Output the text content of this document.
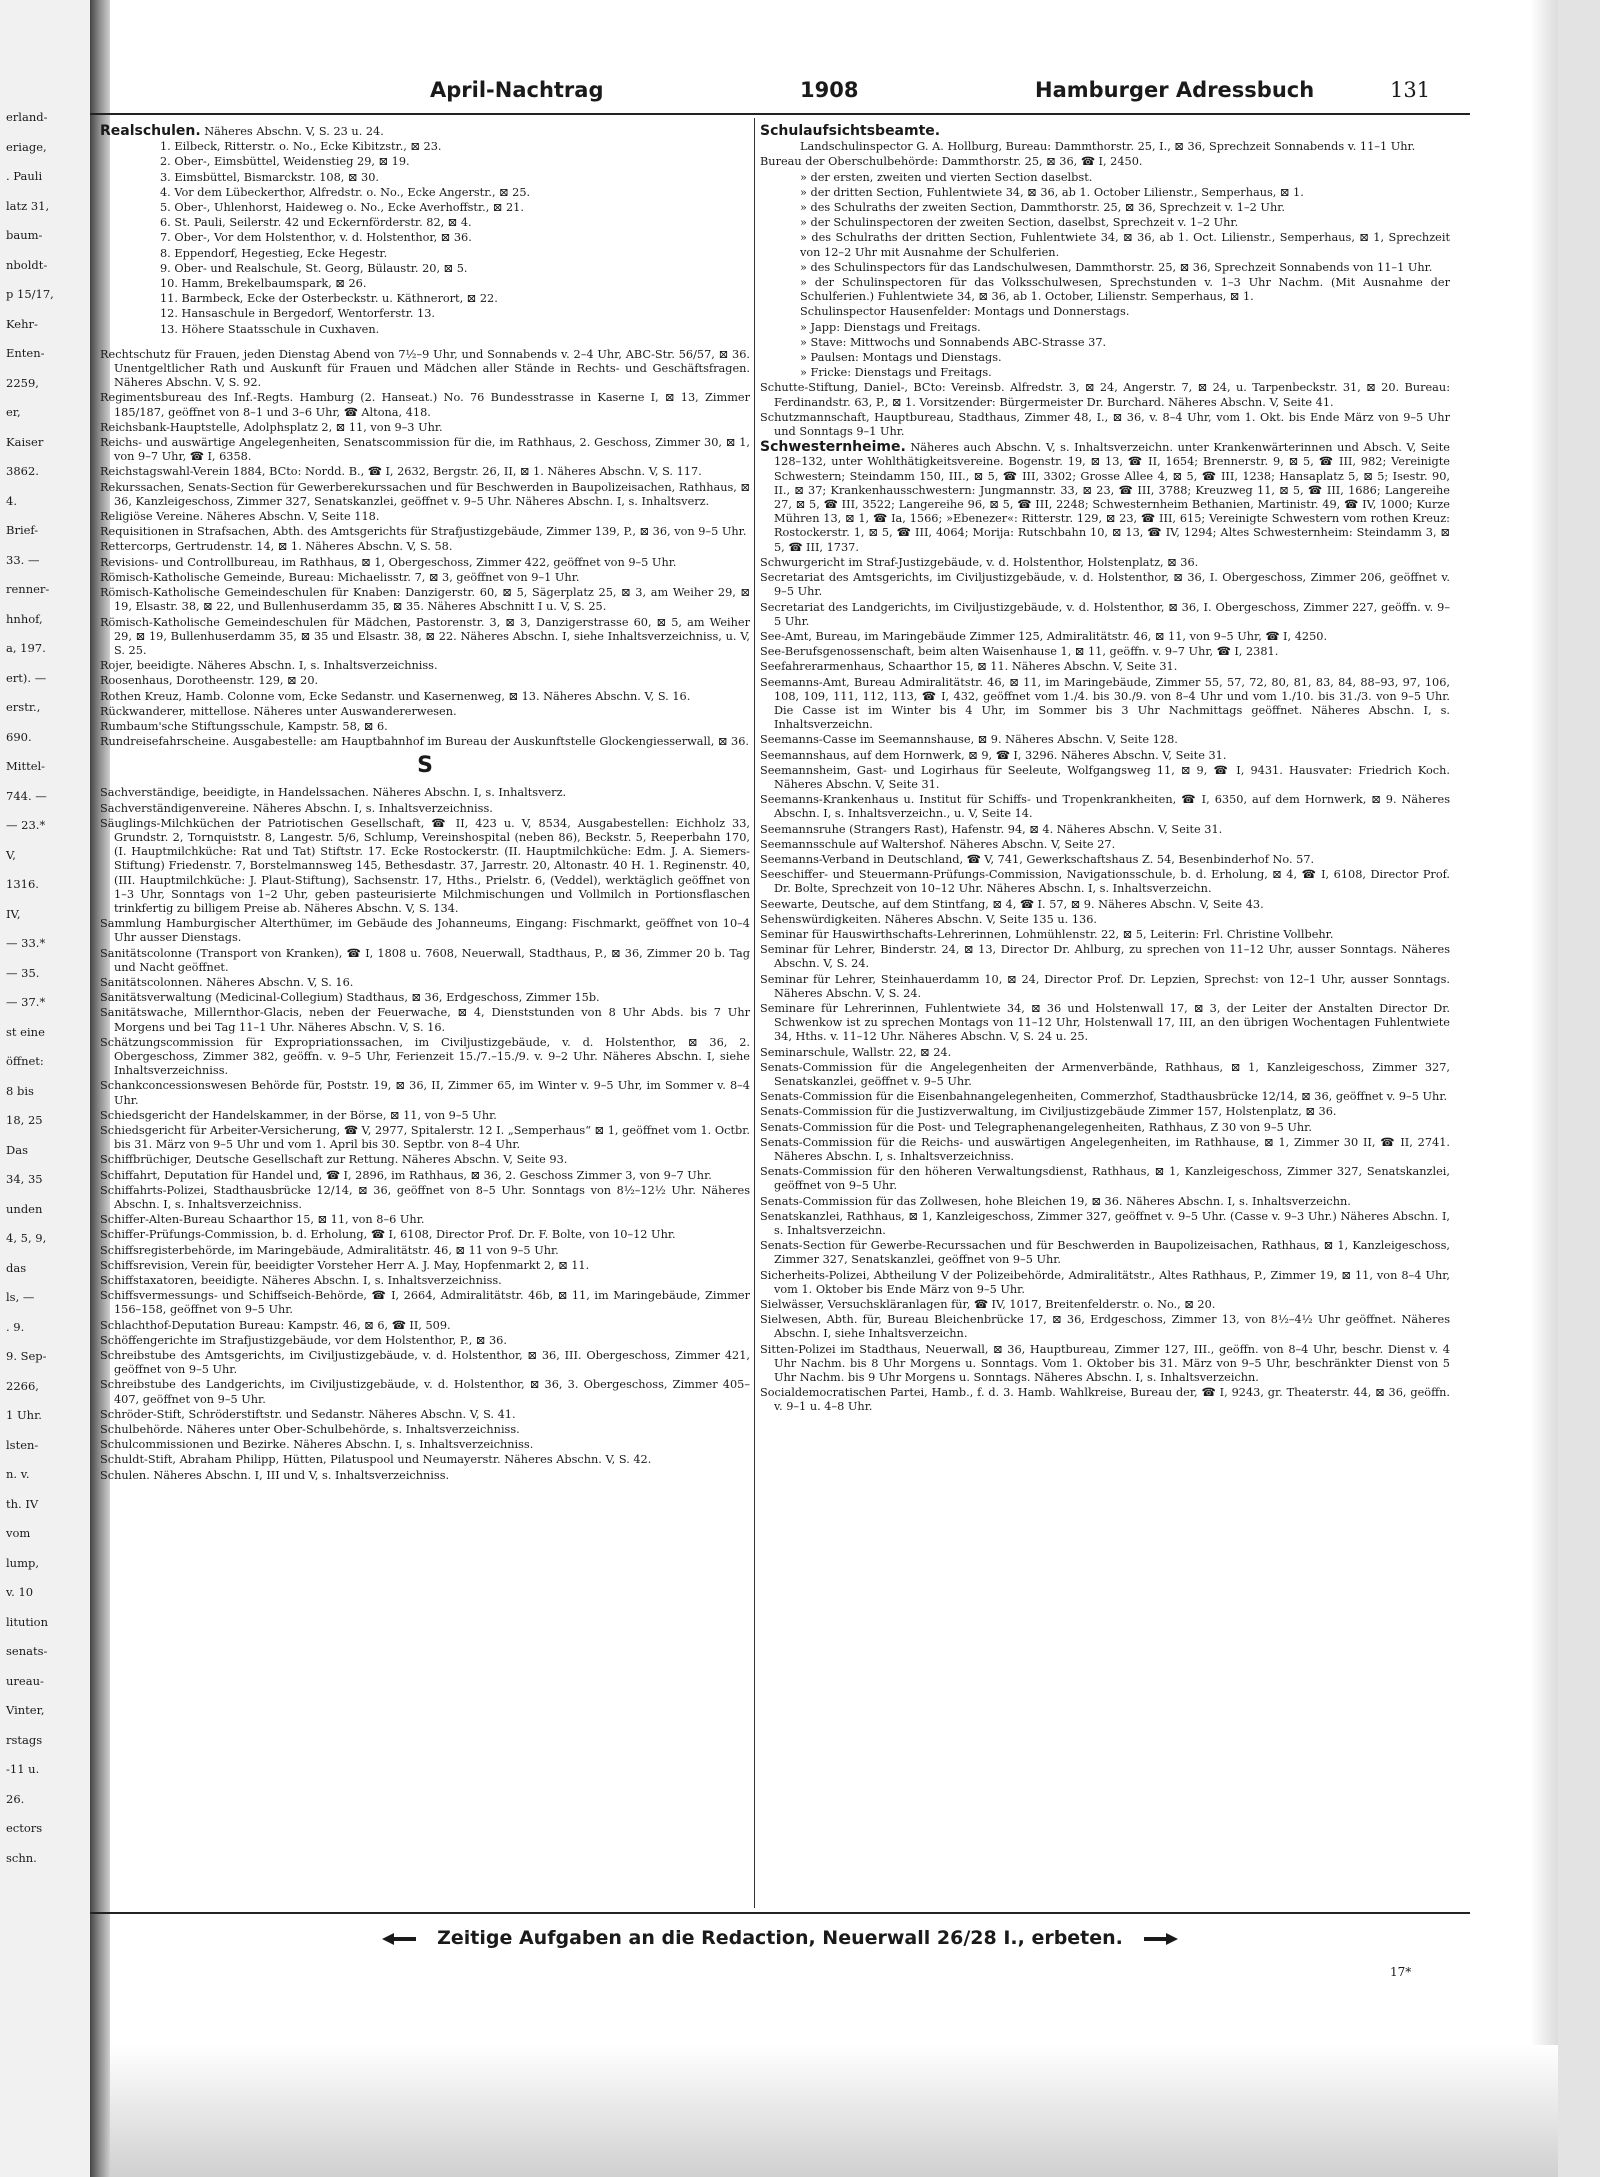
erland-
eriage,
. Pauli
latz 31,
baum-
nboldt-
p 15/17,
Kehr-
Enten-
2259,
er,
Kaiser
3862.
4.
Brief-
33. —
renner-
hnhof,
a, 197.
ert). —
erstr.,
690.
Mittel-
744. —
— 23.*
V,
1316.
IV,
— 33.*
— 35.
— 37.*
st eine
öffnet:
8 bis
18, 25
Das
34, 35
unden
4, 5, 9,
das
ls, —
. 9.
9. Sep-
2266,
1 Uhr.
lsten-
n. v.
th. IV
vom
lump,
v. 10
litution
senats-
ureau-
Vinter,
rstags
-11 u.
26.
ectors
schn.
April-Nachtrag	1908	Hamburger Adressbuch	131
Realschulen. Näheres Abschn. V, S. 23 u. 24.
1. Eilbeck, Ritterstr. o. No., Ecke Kibitzstr., ⊠ 23.
2. Ober-, Eimsbüttel, Weidenstieg 29, ⊠ 19.
3. Eimsbüttel, Bismarckstr. 108, ⊠ 30.
4. Vor dem Lübeckerthor, Alfredstr. o. No., Ecke Angerstr., ⊠ 25.
5. Ober-, Uhlenhorst, Haideweg o. No., Ecke Averhoffstr., ⊠ 21.
6. St. Pauli, Seilerstr. 42 und Eckernförderstr. 82, ⊠ 4.
7. Ober-, Vor dem Holstenthor, v. d. Holstenthor, ⊠ 36.
8. Eppendorf, Hegestieg, Ecke Hegestr.
9. Ober- und Realschule, St. Georg, Bülaustr. 20, ⊠ 5.
10. Hamm, Brekelbaumspark, ⊠ 26.
11. Barmbeck, Ecke der Osterbeckstr. u. Käthnerort, ⊠ 22.
12. Hansaschule in Bergedorf, Wentorferstr. 13.
13. Höhere Staatsschule in Cuxhaven.
Rechtschutz für Frauen, jeden Dienstag Abend von 7½–9 Uhr, und Sonnabends v. 2–4 Uhr, ABC-Str. 56/57, ⊠ 36. Unentgeltlicher Rath und Auskunft für Frauen und Mädchen aller Stände in Rechts- und Geschäftsfragen. Näheres Abschn. V, S. 92.
Regimentsbureau des Inf.-Regts. Hamburg (2. Hanseat.) No. 76 Bundesstrasse in Kaserne I, ⊠ 13, Zimmer 185/187, geöffnet von 8–1 und 3–6 Uhr, ☎ Altona, 418.
Reichsbank-Hauptstelle, Adolphsplatz 2, ⊠ 11, von 9–3 Uhr.
Reichs- und auswärtige Angelegenheiten, Senatscommission für die, im Rathhaus, 2. Geschoss, Zimmer 30, ⊠ 1, von 9–7 Uhr, ☎ I, 6358.
Reichstagswahl-Verein 1884, BCto: Nordd. B., ☎ I, 2632, Bergstr. 26, II, ⊠ 1. Näheres Abschn. V, S. 117.
Rekurssachen, Senats-Section für Gewerberekurssachen und für Beschwerden in Baupolizeisachen, Rathhaus, ⊠ 36, Kanzleigeschoss, Zimmer 327, Senatskanzlei, geöffnet v. 9–5 Uhr. Näheres Abschn. I, s. Inhaltsverz.
Religiöse Vereine. Näheres Abschn. V, Seite 118.
Requisitionen in Strafsachen, Abth. des Amtsgerichts für Strafjustizgebäude, Zimmer 139, P., ⊠ 36, von 9–5 Uhr.
Rettercorps, Gertrudenstr. 14, ⊠ 1. Näheres Abschn. V, S. 58.
Revisions- und Controllbureau, im Rathhaus, ⊠ 1, Obergeschoss, Zimmer 422, geöffnet von 9–5 Uhr.
Römisch-Katholische Gemeinde, Bureau: Michaelisstr. 7, ⊠ 3, geöffnet von 9–1 Uhr.
Römisch-Katholische Gemeindeschulen für Knaben: Danzigerstr. 60, ⊠ 5, Sägerplatz 25, ⊠ 3, am Weiher 29, ⊠ 19, Elsastr. 38, ⊠ 22, und Bullenhuserdamm 35, ⊠ 35. Näheres Abschnitt I u. V, S. 25.
Römisch-Katholische Gemeindeschulen für Mädchen, Pastorenstr. 3, ⊠ 3, Danzigerstrasse 60, ⊠ 5, am Weiher 29, ⊠ 19, Bullenhuserdamm 35, ⊠ 35 und Elsastr. 38, ⊠ 22. Näheres Abschn. I, siehe Inhaltsverzeichniss, u. V, S. 25.
Rojer, beeidigte. Näheres Abschn. I, s. Inhaltsverzeichniss.
Roosenhaus, Dorotheenstr. 129, ⊠ 20.
Rothen Kreuz, Hamb. Colonne vom, Ecke Sedanstr. und Kasernenweg, ⊠ 13. Näheres Abschn. V, S. 16.
Rückwanderer, mittellose. Näheres unter Auswandererwesen.
Rumbaum'sche Stiftungsschule, Kampstr. 58, ⊠ 6.
Rundreisefahrscheine. Ausgabestelle: am Hauptbahnhof im Bureau der Auskunftstelle Glockengiesserwall, ⊠ 36.
S
Sachverständige, beeidigte, in Handelssachen. Näheres Abschn. I, s. Inhaltsverz.
Sachverständigenvereine. Näheres Abschn. I, s. Inhaltsverzeichniss.
Säuglings-Milchküchen der Patriotischen Gesellschaft, ☎ II, 423 u. V, 8534, Ausgabestellen: Eichholz 33, Grundstr. 2, Tornquiststr. 8, Langestr. 5/6, Schlump, Vereinshospital (neben 86), Beckstr. 5, Reeperbahn 170, (I. Hauptmilchküche: Rat und Tat) Stiftstr. 17. Ecke Rostockerstr. (II. Hauptmilchküche: Edm. J. A. Siemers-Stiftung) Friedenstr. 7, Borstelmannsweg 145, Bethesdastr. 37, Jarrestr. 20, Altonastr. 40 H. 1. Reginenstr. 40, (III. Hauptmilchküche: J. Plaut-Stiftung), Sachsenstr. 17, Hths., Prielstr. 6, (Veddel), werktäglich geöffnet von 1–3 Uhr, Sonntags von 1–2 Uhr, geben pasteurisierte Milchmischungen und Vollmilch in Portionsflaschen trinkfertig zu billigem Preise ab. Näheres Abschn. V, S. 134.
Sammlung Hamburgischer Alterthümer, im Gebäude des Johanneums, Eingang: Fischmarkt, geöffnet von 10–4 Uhr ausser Dienstags.
Sanitätscolonne (Transport von Kranken), ☎ I, 1808 u. 7608, Neuerwall, Stadthaus, P., ⊠ 36, Zimmer 20 b. Tag und Nacht geöffnet.
Sanitätscolonnen. Näheres Abschn. V, S. 16.
Sanitätsverwaltung (Medicinal-Collegium) Stadthaus, ⊠ 36, Erdgeschoss, Zimmer 15b.
Sanitätswache, Millernthor-Glacis, neben der Feuerwache, ⊠ 4, Dienststunden von 8 Uhr Abds. bis 7 Uhr Morgens und bei Tag 11–1 Uhr. Näheres Abschn. V, S. 16.
Schätzungscommission für Expropriationssachen, im Civiljustizgebäude, v. d. Holstenthor, ⊠ 36, 2. Obergeschoss, Zimmer 382, geöffn. v. 9–5 Uhr, Ferienzeit 15./7.–15./9. v. 9–2 Uhr. Näheres Abschn. I, siehe Inhaltsverzeichniss.
Schankconcessionswesen Behörde für, Poststr. 19, ⊠ 36, II, Zimmer 65, im Winter v. 9–5 Uhr, im Sommer v. 8–4 Uhr.
Schiedsgericht der Handelskammer, in der Börse, ⊠ 11, von 9–5 Uhr.
Schiedsgericht für Arbeiter-Versicherung, ☎ V, 2977, Spitalerstr. 12 I. „Semperhaus“ ⊠ 1, geöffnet vom 1. Octbr. bis 31. März von 9–5 Uhr und vom 1. April bis 30. Septbr. von 8–4 Uhr.
Schiffbrüchiger, Deutsche Gesellschaft zur Rettung. Näheres Abschn. V, Seite 93.
Schiffahrt, Deputation für Handel und, ☎ I, 2896, im Rathhaus, ⊠ 36, 2. Geschoss Zimmer 3, von 9–7 Uhr.
Schiffahrts-Polizei, Stadthausbrücke 12/14, ⊠ 36, geöffnet von 8–5 Uhr. Sonntags von 8½–12½ Uhr. Näheres Abschn. I, s. Inhaltsverzeichniss.
Schiffer-Alten-Bureau Schaarthor 15, ⊠ 11, von 8–6 Uhr.
Schiffer-Prüfungs-Commission, b. d. Erholung, ☎ I, 6108, Director Prof. Dr. F. Bolte, von 10–12 Uhr.
Schiffsregisterbehörde, im Maringebäude, Admiralitätstr. 46, ⊠ 11 von 9–5 Uhr.
Schiffsrevision, Verein für, beeidigter Vorsteher Herr A. J. May, Hopfenmarkt 2, ⊠ 11.
Schiffstaxatoren, beeidigte. Näheres Abschn. I, s. Inhaltsverzeichniss.
Schiffsvermessungs- und Schiffseich-Behörde, ☎ I, 2664, Admiralitätstr. 46b, ⊠ 11, im Maringebäude, Zimmer 156–158, geöffnet von 9–5 Uhr.
Schlachthof-Deputation Bureau: Kampstr. 46, ⊠ 6, ☎ II, 509.
Schöffengerichte im Strafjustizgebäude, vor dem Holstenthor, P., ⊠ 36.
Schreibstube des Amtsgerichts, im Civiljustizgebäude, v. d. Holstenthor, ⊠ 36, III. Obergeschoss, Zimmer 421, geöffnet von 9–5 Uhr.
Schreibstube des Landgerichts, im Civiljustizgebäude, v. d. Holstenthor, ⊠ 36, 3. Obergeschoss, Zimmer 405–407, geöffnet von 9–5 Uhr.
Schröder-Stift, Schröderstiftstr. und Sedanstr. Näheres Abschn. V, S. 41.
Schulbehörde. Näheres unter Ober-Schulbehörde, s. Inhaltsverzeichniss.
Schulcommissionen und Bezirke. Näheres Abschn. I, s. Inhaltsverzeichniss.
Schuldt-Stift, Abraham Philipp, Hütten, Pilatuspool und Neumayerstr. Näheres Abschn. V, S. 42.
Schulen. Näheres Abschn. I, III und V, s. Inhaltsverzeichniss.
Schulaufsichtsbeamte.
Landschulinspector G. A. Hollburg, Bureau: Dammthorstr. 25, I., ⊠ 36, Sprechzeit Sonnabends v. 11–1 Uhr.
Bureau der Oberschulbehörde: Dammthorstr. 25, ⊠ 36, ☎ I, 2450.
» der ersten, zweiten und vierten Section daselbst.
» der dritten Section, Fuhlentwiete 34, ⊠ 36, ab 1. October Lilienstr., Semperhaus, ⊠ 1.
» des Schulraths der zweiten Section, Dammthorstr. 25, ⊠ 36, Sprechzeit v. 1–2 Uhr.
» der Schulinspectoren der zweiten Section, daselbst, Sprechzeit v. 1–2 Uhr.
» des Schulraths der dritten Section, Fuhlentwiete 34, ⊠ 36, ab 1. Oct. Lilienstr., Semperhaus, ⊠ 1, Sprechzeit von 12–2 Uhr mit Ausnahme der Schulferien.
» des Schulinspectors für das Landschulwesen, Dammthorstr. 25, ⊠ 36, Sprechzeit Sonnabends von 11–1 Uhr.
» der Schulinspectoren für das Volksschulwesen, Sprechstunden v. 1–3 Uhr Nachm. (Mit Ausnahme der Schulferien.) Fuhlentwiete 34, ⊠ 36, ab 1. October, Lilienstr. Semperhaus, ⊠ 1.
Schulinspector Hausenfelder: Montags und Donnerstags.
» Japp: Dienstags und Freitags.
» Stave: Mittwochs und Sonnabends ABC-Strasse 37.
» Paulsen: Montags und Dienstags.
» Fricke: Dienstags und Freitags.
Schutte-Stiftung, Daniel-, BCto: Vereinsb. Alfredstr. 3, ⊠ 24, Angerstr. 7, ⊠ 24, u. Tarpenbeckstr. 31, ⊠ 20. Bureau: Ferdinandstr. 63, P., ⊠ 1. Vorsitzender: Bürgermeister Dr. Burchard. Näheres Abschn. V, Seite 41.
Schutzmannschaft, Hauptbureau, Stadthaus, Zimmer 48, I., ⊠ 36, v. 8–4 Uhr, vom 1. Okt. bis Ende März von 9–5 Uhr und Sonntags 9–1 Uhr.
Schwesternheime. Näheres auch Abschn. V, s. Inhaltsverzeichn. unter Krankenwärterinnen und Absch. V, Seite 128–132, unter Wohlthätigkeitsvereine. Bogenstr. 19, ⊠ 13, ☎ II, 1654; Brennerstr. 9, ⊠ 5, ☎ III, 982; Vereinigte Schwestern; Steindamm 150, III., ⊠ 5, ☎ III, 3302; Grosse Allee 4, ⊠ 5, ☎ III, 1238; Hansaplatz 5, ⊠ 5; Isestr. 90, II., ⊠ 37; Krankenhausschwestern: Jungmannstr. 33, ⊠ 23, ☎ III, 3788; Kreuzweg 11, ⊠ 5, ☎ III, 1686; Langereihe 27, ⊠ 5, ☎ III, 3522; Langereihe 96, ⊠ 5, ☎ III, 2248; Schwesternheim Bethanien, Martinistr. 49, ☎ IV, 1000; Kurze Mühren 13, ⊠ 1, ☎ Ia, 1566; »Ebenezer«: Ritterstr. 129, ⊠ 23, ☎ III, 615; Vereinigte Schwestern vom rothen Kreuz: Rostockerstr. 1, ⊠ 5, ☎ III, 4064; Morija: Rutschbahn 10, ⊠ 13, ☎ IV, 1294; Altes Schwesternheim: Steindamm 3, ⊠ 5, ☎ III, 1737.
Schwurgericht im Straf-Justizgebäude, v. d. Holstenthor, Holstenplatz, ⊠ 36.
Secretariat des Amtsgerichts, im Civiljustizgebäude, v. d. Holstenthor, ⊠ 36, I. Obergeschoss, Zimmer 206, geöffnet v. 9–5 Uhr.
Secretariat des Landgerichts, im Civiljustizgebäude, v. d. Holstenthor, ⊠ 36, I. Obergeschoss, Zimmer 227, geöffn. v. 9–5 Uhr.
See-Amt, Bureau, im Maringebäude Zimmer 125, Admiralitätstr. 46, ⊠ 11, von 9–5 Uhr, ☎ I, 4250.
See-Berufsgenossenschaft, beim alten Waisenhause 1, ⊠ 11, geöffn. v. 9–7 Uhr, ☎ I, 2381.
Seefahrerarmenhaus, Schaarthor 15, ⊠ 11. Näheres Abschn. V, Seite 31.
Seemanns-Amt, Bureau Admiralitätstr. 46, ⊠ 11, im Maringebäude, Zimmer 55, 57, 72, 80, 81, 83, 84, 88–93, 97, 106, 108, 109, 111, 112, 113, ☎ I, 432, geöffnet vom 1./4. bis 30./9. von 8–4 Uhr und vom 1./10. bis 31./3. von 9–5 Uhr. Die Casse ist im Winter bis 4 Uhr, im Sommer bis 3 Uhr Nachmittags geöffnet. Näheres Abschn. I, s. Inhaltsverzeichn.
Seemanns-Casse im Seemannshause, ⊠ 9. Näheres Abschn. V, Seite 128.
Seemannshaus, auf dem Hornwerk, ⊠ 9, ☎ I, 3296. Näheres Abschn. V, Seite 31.
Seemannsheim, Gast- und Logirhaus für Seeleute, Wolfgangsweg 11, ⊠ 9, ☎ I, 9431. Hausvater: Friedrich Koch. Näheres Abschn. V, Seite 31.
Seemanns-Krankenhaus u. Institut für Schiffs- und Tropenkrankheiten, ☎ I, 6350, auf dem Hornwerk, ⊠ 9. Näheres Abschn. I, s. Inhaltsverzeichn., u. V, Seite 14.
Seemannsruhe (Strangers Rast), Hafenstr. 94, ⊠ 4. Näheres Abschn. V, Seite 31.
Seemannsschule auf Waltershof. Näheres Abschn. V, Seite 27.
Seemanns-Verband in Deutschland, ☎ V, 741, Gewerkschaftshaus Z. 54, Besenbinderhof No. 57.
Seeschiffer- und Steuermann-Prüfungs-Commission, Navigationsschule, b. d. Erholung, ⊠ 4, ☎ I, 6108, Director Prof. Dr. Bolte, Sprechzeit von 10–12 Uhr. Näheres Abschn. I, s. Inhaltsverzeichn.
Seewarte, Deutsche, auf dem Stintfang, ⊠ 4, ☎ I. 57, ⊠ 9. Näheres Abschn. V, Seite 43.
Sehenswürdigkeiten. Näheres Abschn. V, Seite 135 u. 136.
Seminar für Hauswirthschafts-Lehrerinnen, Lohmühlenstr. 22, ⊠ 5, Leiterin: Frl. Christine Vollbehr.
Seminar für Lehrer, Binderstr. 24, ⊠ 13, Director Dr. Ahlburg, zu sprechen von 11–12 Uhr, ausser Sonntags. Näheres Abschn. V, S. 24.
Seminar für Lehrer, Steinhauerdamm 10, ⊠ 24, Director Prof. Dr. Lepzien, Sprechst: von 12–1 Uhr, ausser Sonntags. Näheres Abschn. V, S. 24.
Seminare für Lehrerinnen, Fuhlentwiete 34, ⊠ 36 und Holstenwall 17, ⊠ 3, der Leiter der Anstalten Director Dr. Schwenkow ist zu sprechen Montags von 11–12 Uhr, Holstenwall 17, III, an den übrigen Wochentagen Fuhlentwiete 34, Hths. v. 11–12 Uhr. Näheres Abschn. V, S. 24 u. 25.
Seminarschule, Wallstr. 22, ⊠ 24.
Senats-Commission für die Angelegenheiten der Armenverbände, Rathhaus, ⊠ 1, Kanzleigeschoss, Zimmer 327, Senatskanzlei, geöffnet v. 9–5 Uhr.
Senats-Commission für die Eisenbahnangelegenheiten, Commerzhof, Stadthausbrücke 12/14, ⊠ 36, geöffnet v. 9–5 Uhr.
Senats-Commission für die Justizverwaltung, im Civiljustizgebäude Zimmer 157, Holstenplatz, ⊠ 36.
Senats-Commission für die Post- und Telegraphenangelegenheiten, Rathhaus, Z 30 von 9–5 Uhr.
Senats-Commission für die Reichs- und auswärtigen Angelegenheiten, im Rathhause, ⊠ 1, Zimmer 30 II, ☎ II, 2741. Näheres Abschn. I, s. Inhaltsverzeichniss.
Senats-Commission für den höheren Verwaltungsdienst, Rathhaus, ⊠ 1, Kanzleigeschoss, Zimmer 327, Senatskanzlei, geöffnet von 9–5 Uhr.
Senats-Commission für das Zollwesen, hohe Bleichen 19, ⊠ 36. Näheres Abschn. I, s. Inhaltsverzeichn.
Senatskanzlei, Rathhaus, ⊠ 1, Kanzleigeschoss, Zimmer 327, geöffnet v. 9–5 Uhr. (Casse v. 9–3 Uhr.) Näheres Abschn. I, s. Inhaltsverzeichn.
Senats-Section für Gewerbe-Recurssachen und für Beschwerden in Baupolizeisachen, Rathhaus, ⊠ 1, Kanzleigeschoss, Zimmer 327, Senatskanzlei, geöffnet von 9–5 Uhr.
Sicherheits-Polizei, Abtheilung V der Polizeibehörde, Admiralitätstr., Altes Rathhaus, P., Zimmer 19, ⊠ 11, von 8–4 Uhr, vom 1. Oktober bis Ende März von 9–5 Uhr.
Sielwässer, Versuchskläranlagen für, ☎ IV, 1017, Breitenfelderstr. o. No., ⊠ 20.
Sielwesen, Abth. für, Bureau Bleichenbrücke 17, ⊠ 36, Erdgeschoss, Zimmer 13, von 8½–4½ Uhr geöffnet. Näheres Abschn. I, siehe Inhaltsverzeichn.
Sitten-Polizei im Stadthaus, Neuerwall, ⊠ 36, Hauptbureau, Zimmer 127, III., geöffn. von 8–4 Uhr, beschr. Dienst v. 4 Uhr Nachm. bis 8 Uhr Morgens u. Sonntags. Vom 1. Oktober bis 31. März von 9–5 Uhr, beschränkter Dienst von 5 Uhr Nachm. bis 9 Uhr Morgens u. Sonntags. Näheres Abschn. I, s. Inhaltsverzeichn.
Socialdemocratischen Partei, Hamb., f. d. 3. Hamb. Wahlkreise, Bureau der, ☎ I, 9243, gr. Theaterstr. 44, ⊠ 36, geöffn. v. 9–1 u. 4–8 Uhr.
Zeitige Aufgaben an die Redaction, Neuerwall 26/28 I., erbeten.
17*
